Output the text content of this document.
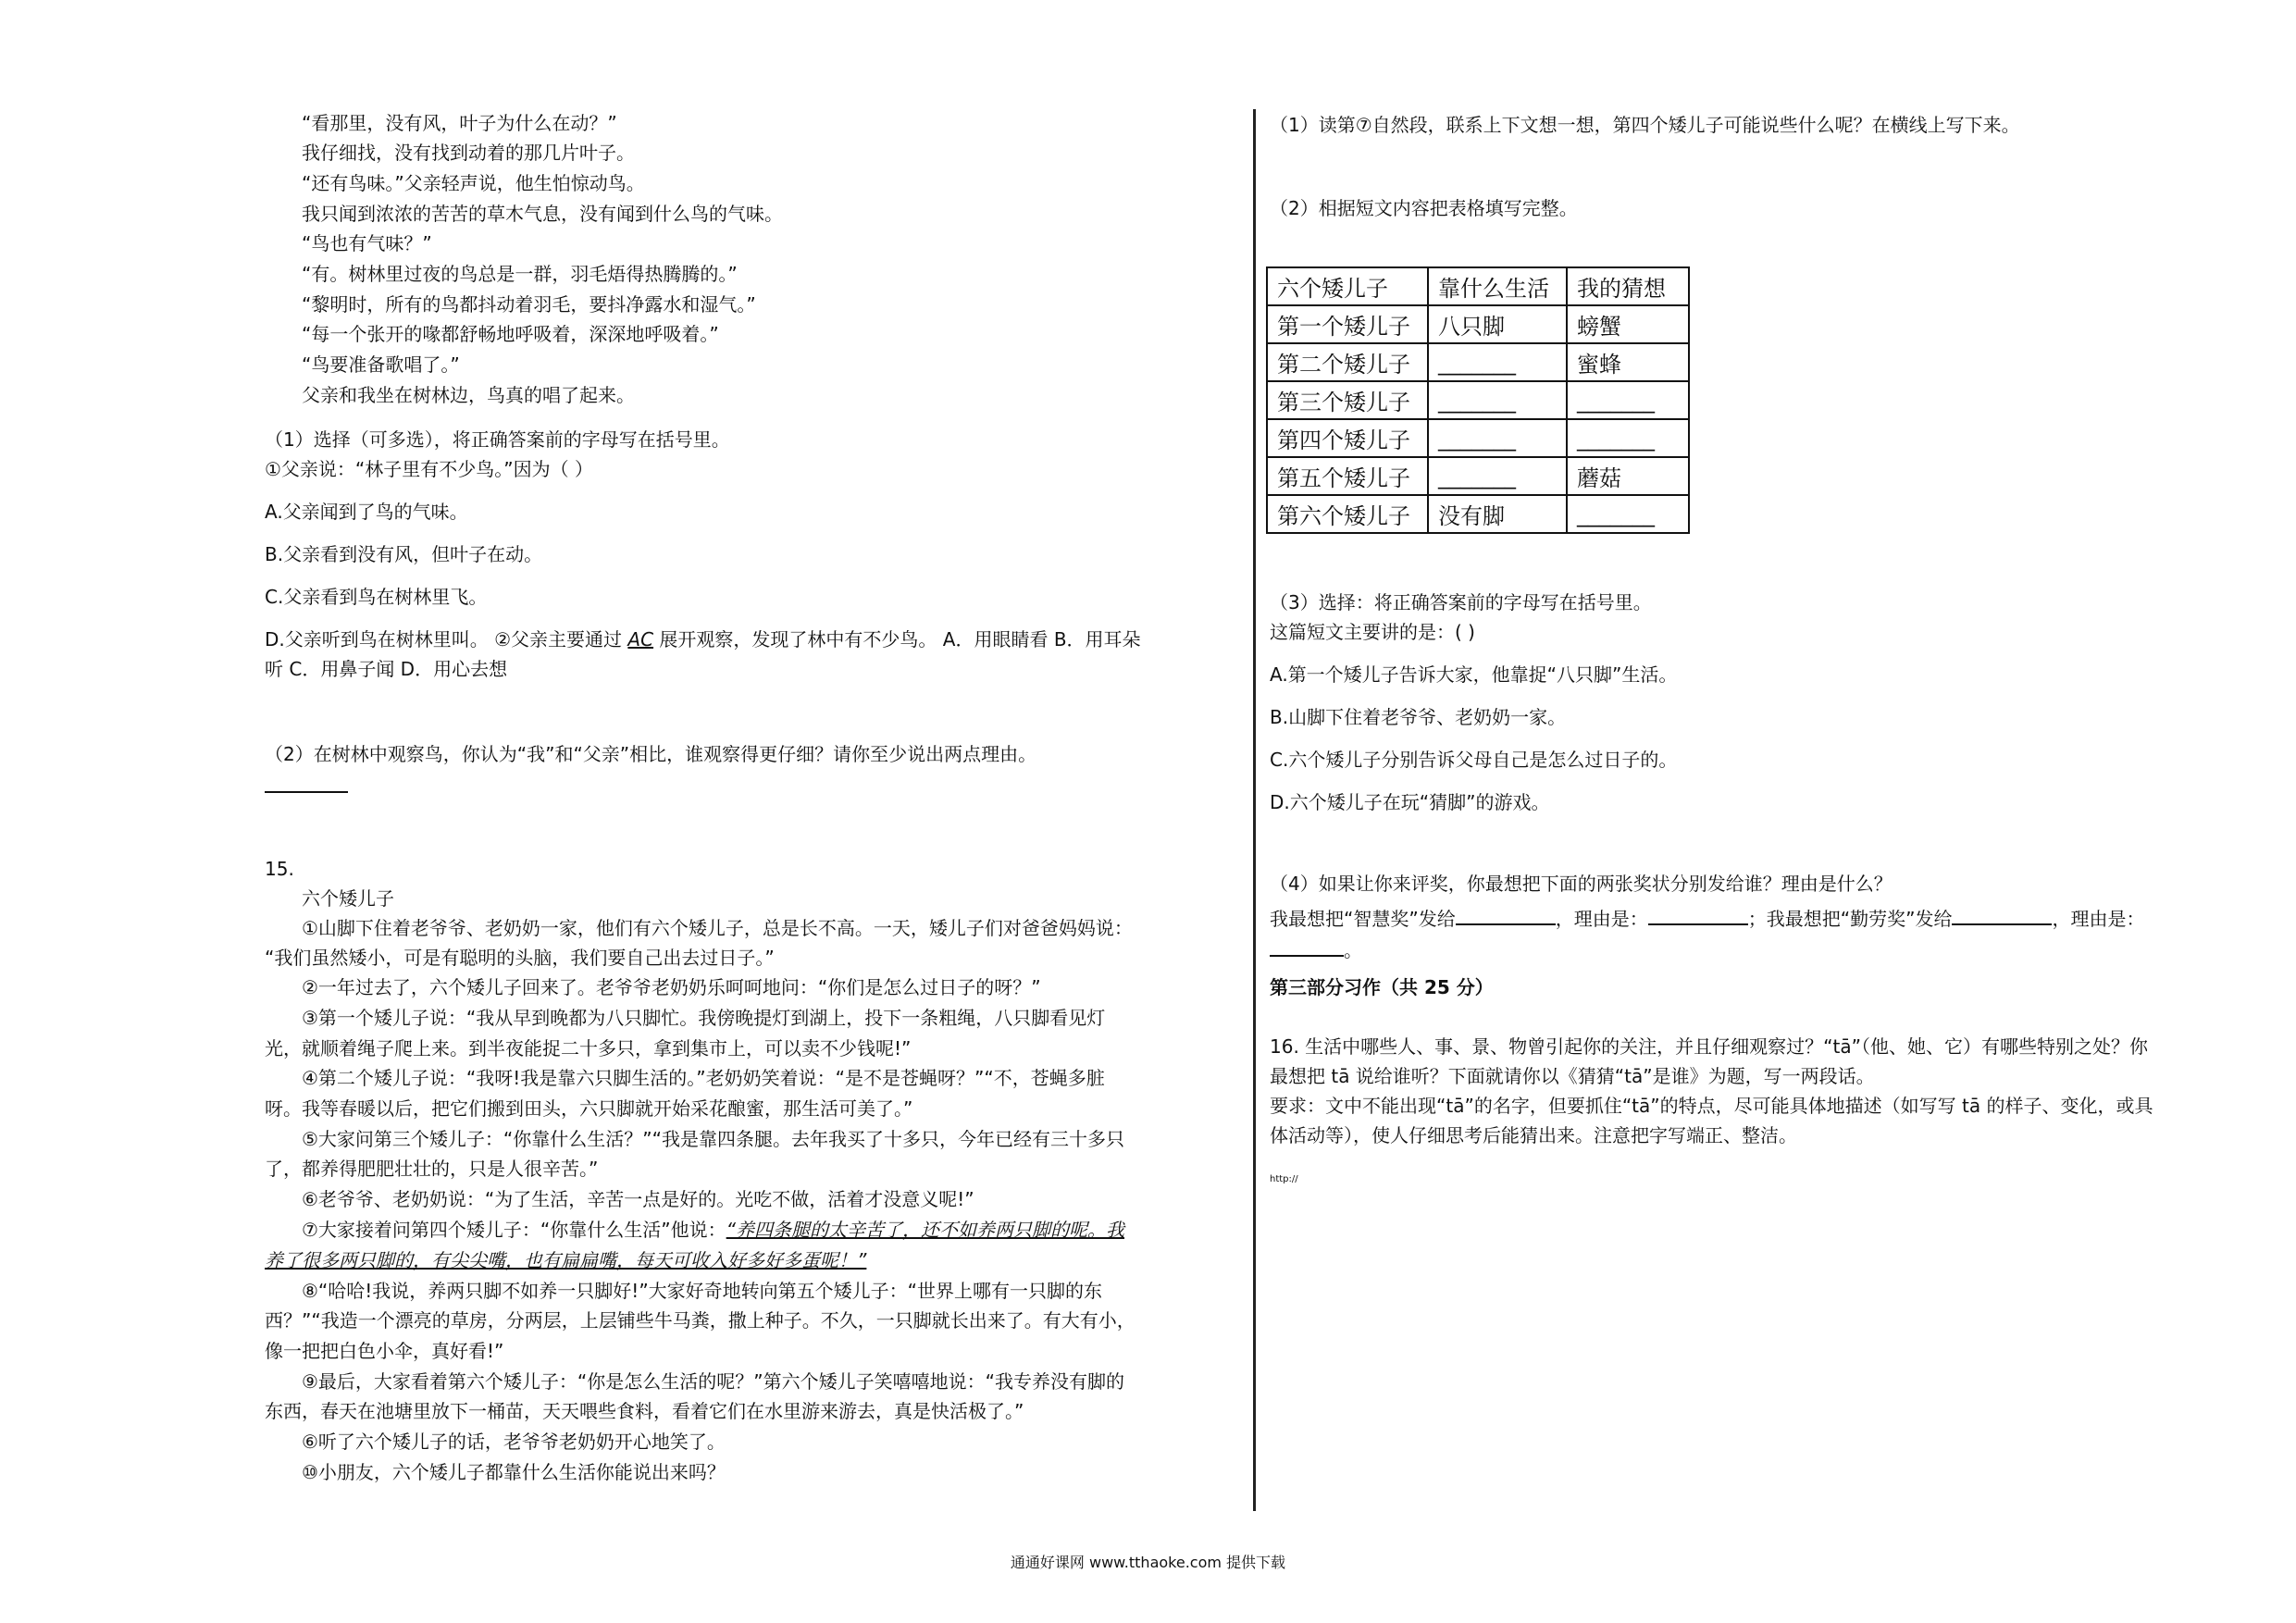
“看那里，没有风，叶子为什么在动？”
我仔细找，没有找到动着的那几片叶子。
“还有鸟味。”父亲轻声说，他生怕惊动鸟。
我只闻到浓浓的苦苦的草木气息，没有闻到什么鸟的气味。
“鸟也有气味？”
“有。树林里过夜的鸟总是一群，羽毛焐得热腾腾的。”
“黎明时，所有的鸟都抖动着羽毛，要抖净露水和湿气。”
“每一个张开的喙都舒畅地呼吸着，深深地呼吸着。”
“鸟要准备歌唱了。”
父亲和我坐在树林边，鸟真的唱了起来。
（1）选择（可多选），将正确答案前的字母写在括号里。
①父亲说：“林子里有不少鸟。”因为（ ）
A.父亲闻到了鸟的气味。
B.父亲看到没有风，但叶子在动。
C.父亲看到鸟在树林里飞。
D.父亲听到鸟在树林里叫。 ②父亲主要通过 AC 展开观察，发现了林中有不少鸟。 A．用眼睛看 B．用耳朵
听 C．用鼻子闻 D．用心去想
（2）在树林中观察鸟，你认为“我”和“父亲”相比，谁观察得更仔细？请你至少说出两点理由。
15.
六个矮儿子
①山脚下住着老爷爷、老奶奶一家，他们有六个矮儿子，总是长不高。一天，矮儿子们对爸爸妈妈说：
“我们虽然矮小，可是有聪明的头脑，我们要自己出去过日子。”
②一年过去了，六个矮儿子回来了。老爷爷老奶奶乐呵呵地问：“你们是怎么过日子的呀？”
③第一个矮儿子说：“我从早到晚都为八只脚忙。我傍晚提灯到湖上，投下一条粗绳，八只脚看见灯
光，就顺着绳子爬上来。到半夜能捉二十多只，拿到集市上，可以卖不少钱呢!”
④第二个矮儿子说：“我呀!我是靠六只脚生活的。”老奶奶笑着说：“是不是苍蝇呀？”“不，苍蝇多脏
呀。我等春暖以后，把它们搬到田头，六只脚就开始采花酿蜜，那生活可美了。”
⑤大家问第三个矮儿子：“你靠什么生活？”“我是靠四条腿。去年我买了十多只，今年已经有三十多只
了，都养得肥肥壮壮的，只是人很辛苦。”
⑥老爷爷、老奶奶说：“为了生活，辛苦一点是好的。光吃不做，活着才没意义呢!”
⑦大家接着问第四个矮儿子：“你靠什么生活”他说：“养四条腿的太辛苦了，还不如养两只脚的呢。我
养了很多两只脚的，有尖尖嘴，也有扁扁嘴，每天可收入好多好多蛋呢！”
⑧“哈哈!我说，养两只脚不如养一只脚好!”大家好奇地转向第五个矮儿子：“世界上哪有一只脚的东
西？”“我造一个漂亮的草房，分两层，上层铺些牛马粪，撒上种子。不久，一只脚就长出来了。有大有小，
像一把把白色小伞，真好看!”
⑨最后，大家看着第六个矮儿子：“你是怎么生活的呢？”第六个矮儿子笑嘻嘻地说：“我专养没有脚的
东西，春天在池塘里放下一桶苗，天天喂些食料，看着它们在水里游来游去，真是快活极了。”
⑥听了六个矮儿子的话，老爷爷老奶奶开心地笑了。
⑩小朋友，六个矮儿子都靠什么生活你能说出来吗？
（1）读第⑦自然段，联系上下文想一想，第四个矮儿子可能说些什么呢？在横线上写下来。
（2）相据短文内容把表格填写完整。
六个矮儿子	靠什么生活	我的猜想
第一个矮儿子	八只脚	螃蟹
第二个矮儿子	_______	蜜蜂
第三个矮儿子	_______	_______
第四个矮儿子	_______	_______
第五个矮儿子	_______	蘑菇
第六个矮儿子	没有脚	_______
（3）选择：将正确答案前的字母写在括号里。
这篇短文主要讲的是：( )
A.第一个矮儿子告诉大家，他靠捉“八只脚”生活。
B.山脚下住着老爷爷、老奶奶一家。
C.六个矮儿子分别告诉父母自己是怎么过日子的。
D.六个矮儿子在玩“猜脚”的游戏。
（4）如果让你来评奖，你最想把下面的两张奖状分别发给谁？理由是什么？
我最想把“智慧奖”发给	，理由是：	；我最想把“勤劳奖”发给	，理由是：
。
第三部分习作（共 25 分）
16. 生活中哪些人、事、景、物曾引起你的关注，并且仔细观察过？“tā”（他、她、它）有哪些特别之处？你
最想把 tā 说给谁听？下面就请你以《猜猜“tā”是谁》为题，写一两段话。
要求：文中不能出现“tā”的名字，但要抓住“tā”的特点，尽可能具体地描述（如写写 tā 的样子、变化，或具
体活动等），使人仔细思考后能猜出来。注意把字写端正、整洁。
http://
通通好课网 www.tthaoke.com 提供下载
